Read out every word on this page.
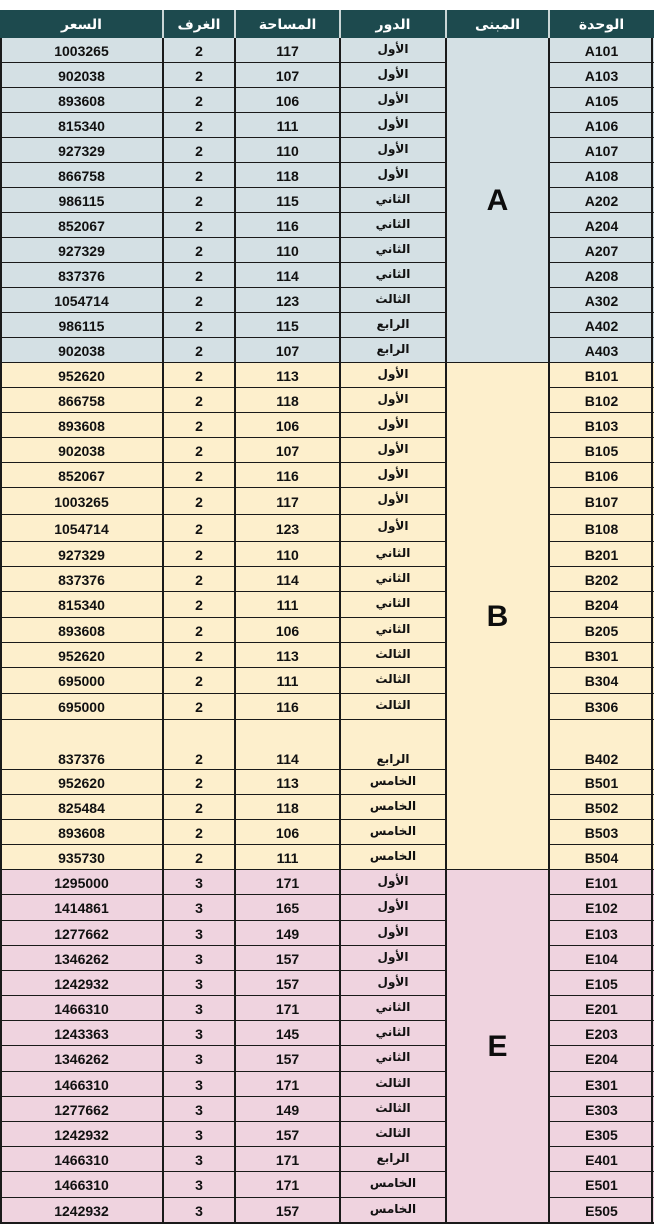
السعر	الغرف	المساحة	الدور	المبنى	الوحدة
1003265	2	117	الأول	A101
902038	2	107	الأول	A103
893608	2	106	الأول	A105
815340	2	111	الأول	A106
927329	2	110	الأول	A107
866758	2	118	الأول	A108
986115	2	115	الثاني	A202
852067	2	116	الثاني	A204
927329	2	110	الثاني	A207
837376	2	114	الثاني	A208
1054714	2	123	الثالث	A302
986115	2	115	الرابع	A402
902038	2	107	الرابع	A403
A
952620	2	113	الأول	B101
866758	2	118	الأول	B102
893608	2	106	الأول	B103
902038	2	107	الأول	B105
852067	2	116	الأول	B106
1003265	2	117	الأول	B107
1054714	2	123	الأول	B108
927329	2	110	الثاني	B201
837376	2	114	الثاني	B202
815340	2	111	الثاني	B204
893608	2	106	الثاني	B205
952620	2	113	الثالث	B301
695000	2	111	الثالث	B304
695000	2	116	الثالث	B306
837376	2	114	الرابع	B402
952620	2	113	الخامس	B501
825484	2	118	الخامس	B502
893608	2	106	الخامس	B503
935730	2	111	الخامس	B504
B
1295000	3	171	الأول	E101
1414861	3	165	الأول	E102
1277662	3	149	الأول	E103
1346262	3	157	الأول	E104
1242932	3	157	الأول	E105
1466310	3	171	الثاني	E201
1243363	3	145	الثاني	E203
1346262	3	157	الثاني	E204
1466310	3	171	الثالث	E301
1277662	3	149	الثالث	E303
1242932	3	157	الثالث	E305
1466310	3	171	الرابع	E401
1466310	3	171	الخامس	E501
1242932	3	157	الخامس	E505
E
